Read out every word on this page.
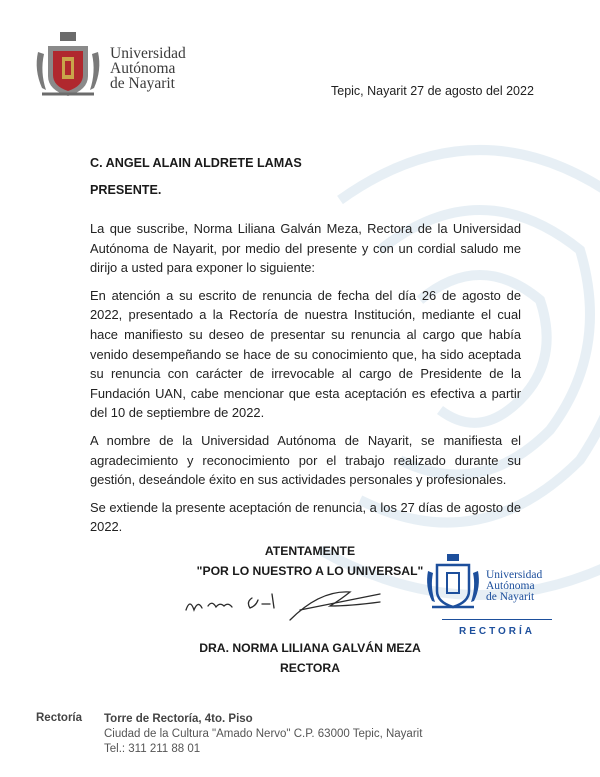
Universidad
Autónoma
de Nayarit	Tepic, Nayarit 27 de agosto del 2022
C. ANGEL ALAIN ALDRETE LAMAS
PRESENTE.

La que suscribe, Norma Liliana Galván Meza, Rectora de la Universidad Autónoma de Nayarit, por medio del presente y con un cordial saludo me dirijo a usted para exponer lo siguiente:

En atención a su escrito de renuncia de fecha del día 26 de agosto de 2022, presentado a la Rectoría de nuestra Institución, mediante el cual hace manifiesto su deseo de presentar su renuncia al cargo que había venido desempeñando se hace de su conocimiento que, ha sido aceptada su renuncia con carácter de irrevocable al cargo de Presidente de la Fundación UAN, cabe mencionar que esta aceptación es efectiva a partir del 10 de septiembre de 2022.

A nombre de la Universidad Autónoma de Nayarit, se manifiesta el agradecimiento y reconocimiento por el trabajo realizado durante su gestión, deseándole éxito en sus actividades personales y profesionales.

Se extiende la presente aceptación de renuncia, a los 27 días de agosto de 2022.

ATENTAMENTE
"POR LO NUESTRO A LO UNIVERSAL"
DRA. NORMA LILIANA GALVÁN MEZA
RECTORA
Universidad
Autónoma
de Nayarit
RECTORÍA
Rectoría Torre de Rectoría, 4to. Piso
Ciudad de la Cultura "Amado Nervo" C.P. 63000 Tepic, Nayarit
Tel.: 311 211 88 01
